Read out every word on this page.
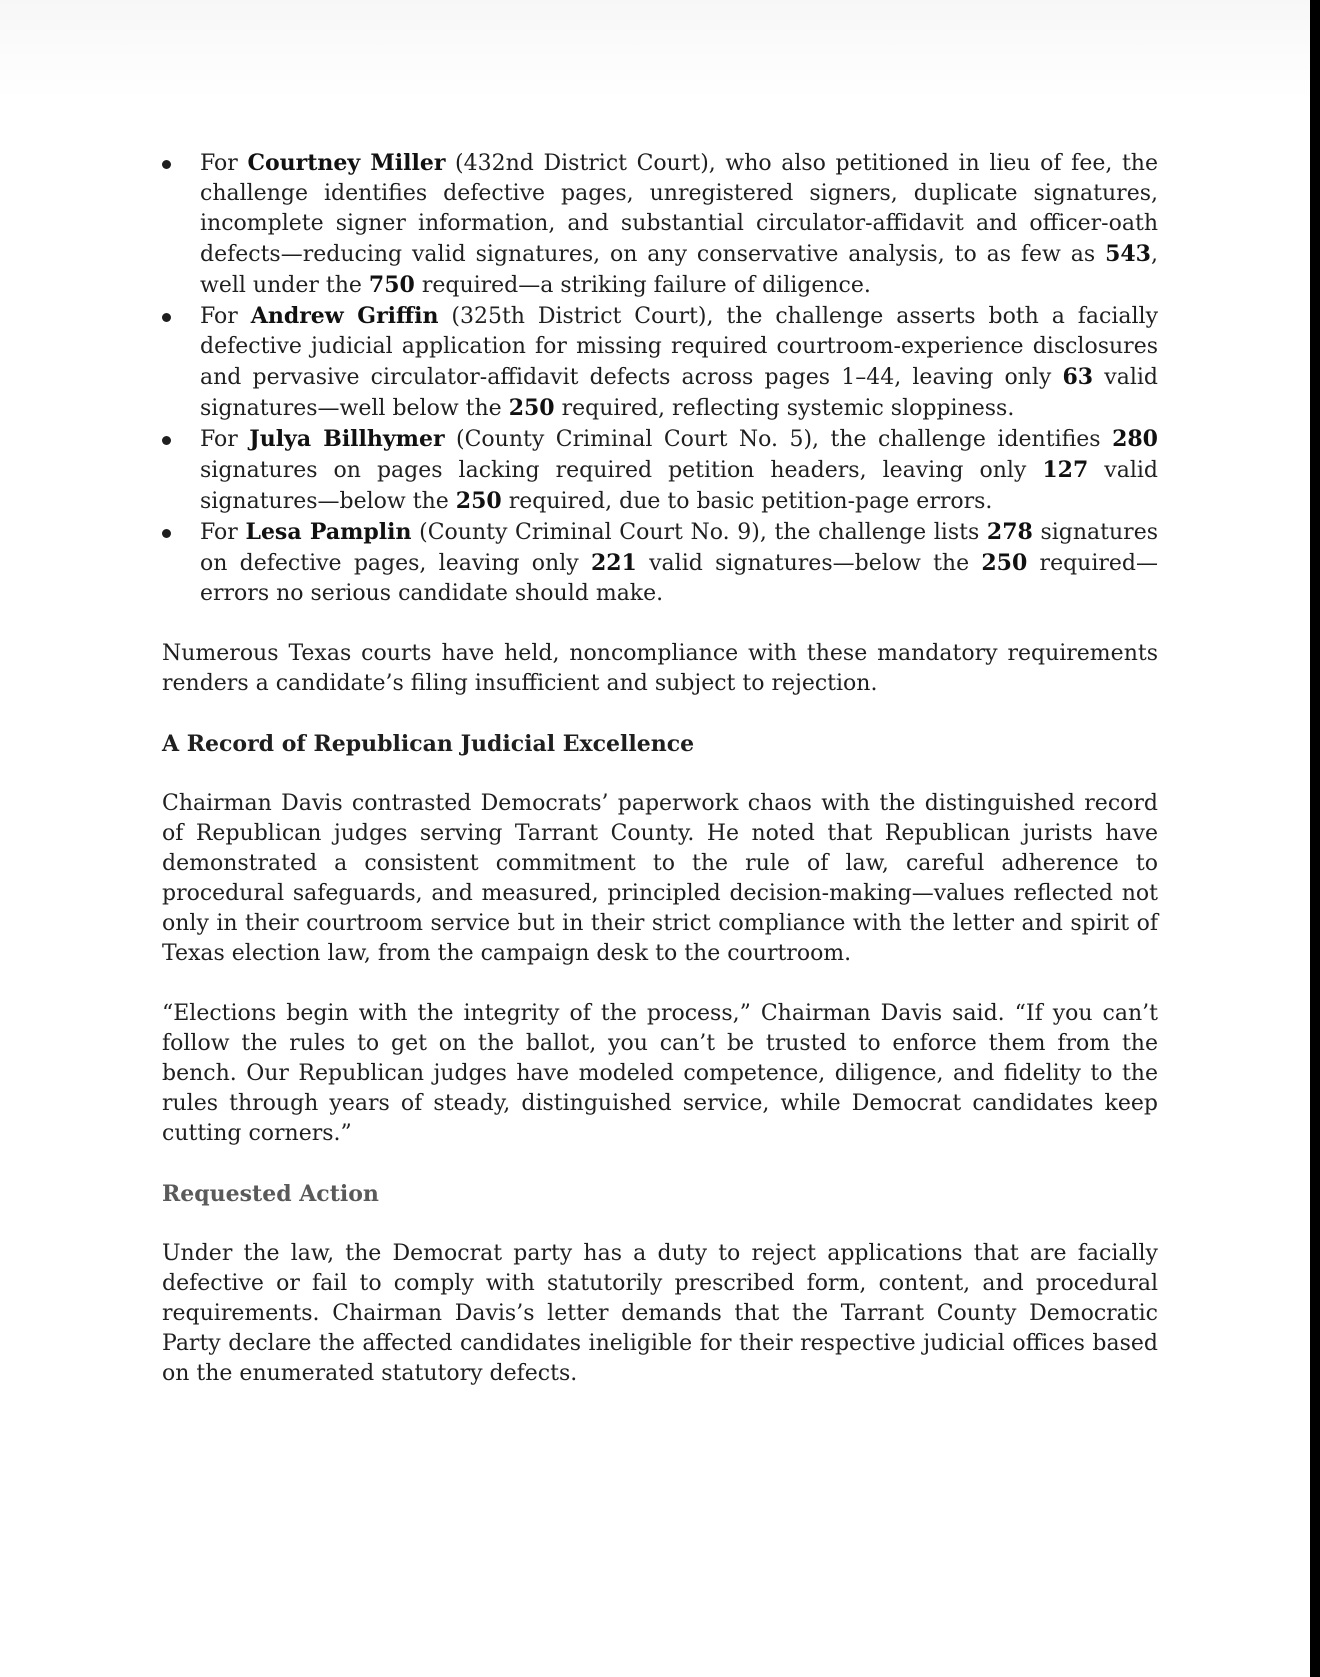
For Courtney Miller (432nd District Court), who also petitioned in lieu of fee, the challenge identifies defective pages, unregistered signers, duplicate signatures, incomplete signer information, and substantial circulator-affidavit and officer-oath defects—reducing valid signatures, on any conservative analysis, to as few as 543, well under the 750 required—a striking failure of diligence.
For Andrew Griffin (325th District Court), the challenge asserts both a facially defective judicial application for missing required courtroom-experience disclosures and pervasive circulator-affidavit defects across pages 1–44, leaving only 63 valid signatures—well below the 250 required, reflecting systemic sloppiness.
For Julya Billhymer (County Criminal Court No. 5), the challenge identifies 280 signatures on pages lacking required petition headers, leaving only 127 valid signatures—below the 250 required, due to basic petition-page errors.
For Lesa Pamplin (County Criminal Court No. 9), the challenge lists 278 signatures on defective pages, leaving only 221 valid signatures—below the 250 required—errors no serious candidate should make.

Numerous Texas courts have held, noncompliance with these mandatory requirements renders a candidate’s filing insufficient and subject to rejection.

A Record of Republican Judicial Excellence

Chairman Davis contrasted Democrats’ paperwork chaos with the distinguished record of Republican judges serving Tarrant County. He noted that Republican jurists have demonstrated a consistent commitment to the rule of law, careful adherence to procedural safeguards, and measured, principled decision-making—values reflected not only in their courtroom service but in their strict compliance with the letter and spirit of Texas election law, from the campaign desk to the courtroom.

“Elections begin with the integrity of the process,” Chairman Davis said. “If you can’t follow the rules to get on the ballot, you can’t be trusted to enforce them from the bench. Our Republican judges have modeled competence, diligence, and fidelity to the rules through years of steady, distinguished service, while Democrat candidates keep cutting corners.”

Requested Action

Under the law, the Democrat party has a duty to reject applications that are facially defective or fail to comply with statutorily prescribed form, content, and procedural requirements. Chairman Davis’s letter demands that the Tarrant County Democratic Party declare the affected candidates ineligible for their respective judicial offices based on the enumerated statutory defects.
